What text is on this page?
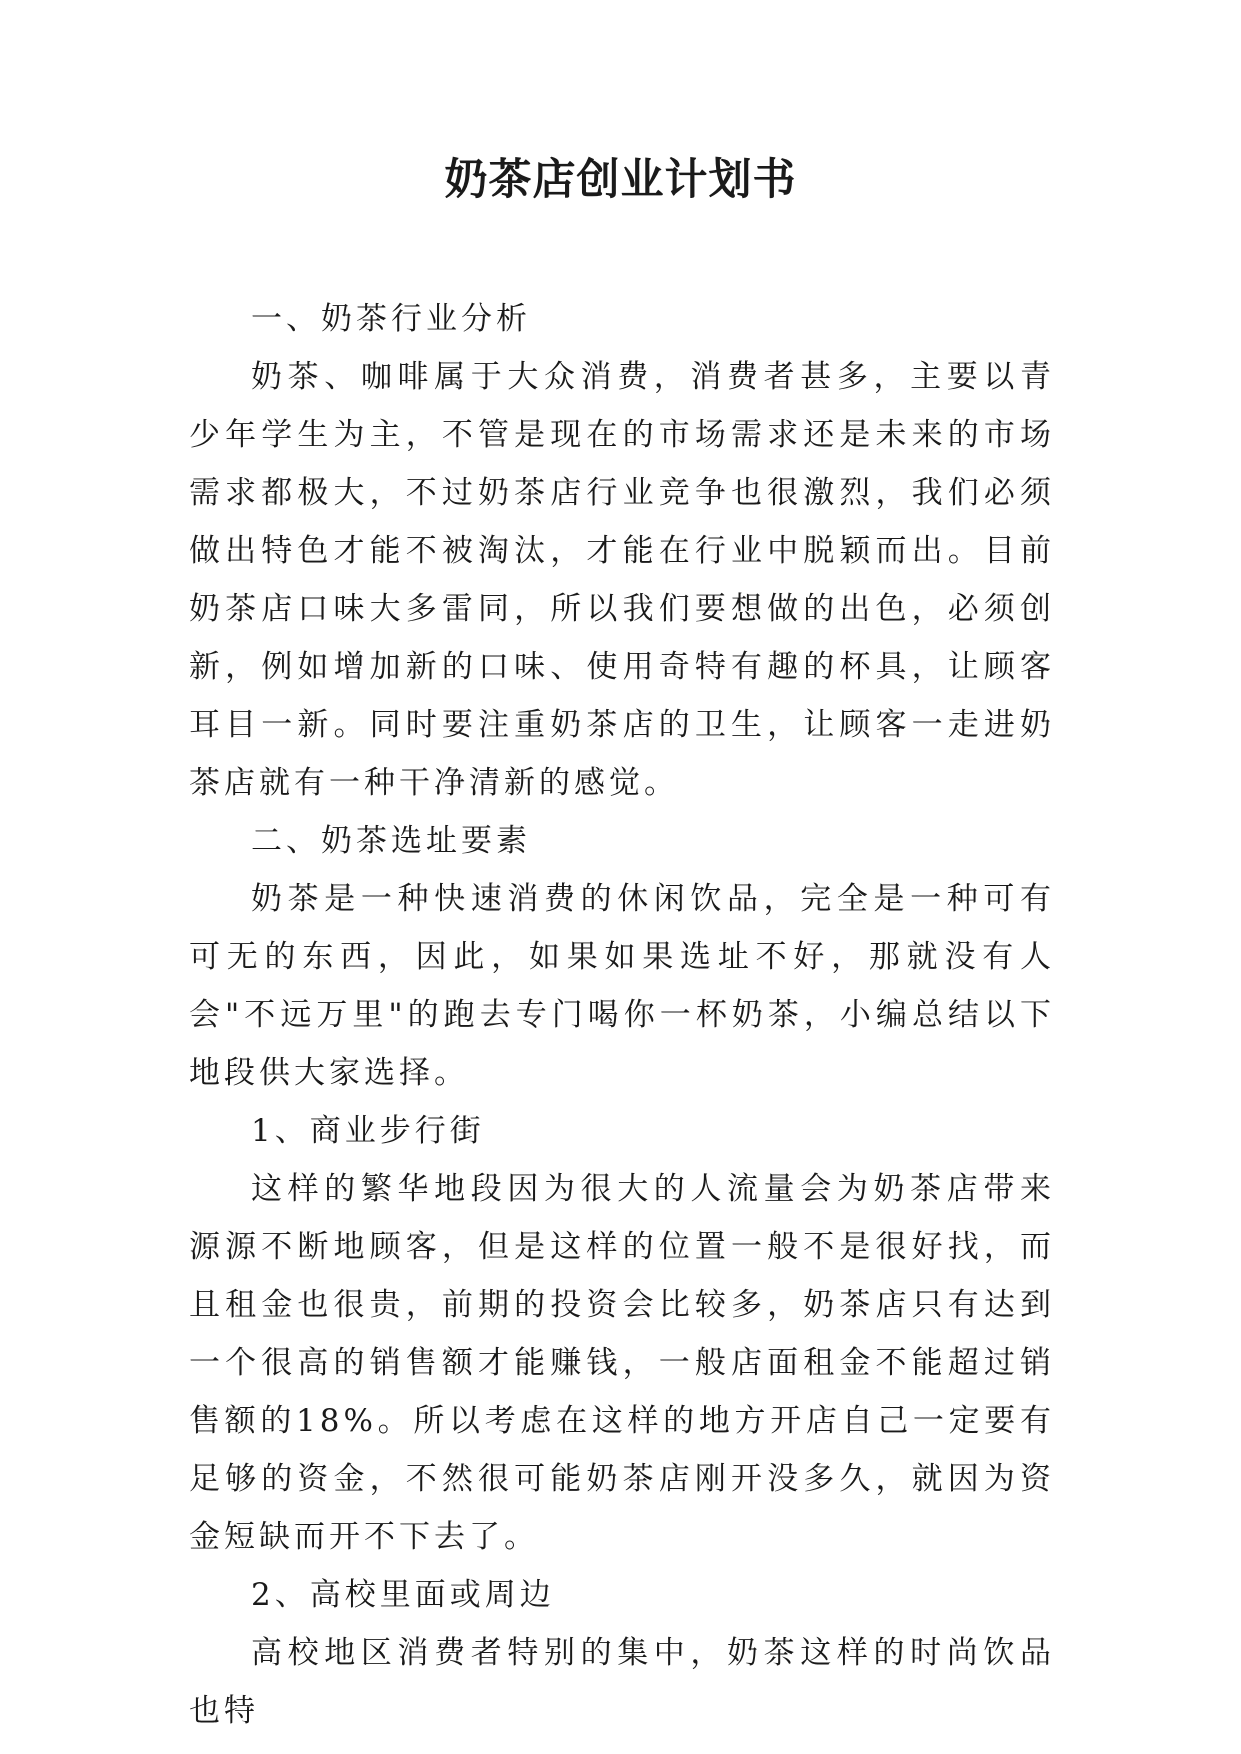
奶茶店创业计划书

一、奶茶行业分析

奶茶、咖啡属于大众消费，消费者甚多，主要以青少年学生为主，不管是现在的市场需求还是未来的市场需求都极大，不过奶茶店行业竞争也很激烈，我们必须做出特色才能不被淘汰，才能在行业中脱颖而出。目前奶茶店口味大多雷同，所以我们要想做的出色，必须创新，例如增加新的口味、使用奇特有趣的杯具，让顾客耳目一新。同时要注重奶茶店的卫生，让顾客一走进奶茶店就有一种干净清新的感觉。

二、奶茶选址要素

奶茶是一种快速消费的休闲饮品，完全是一种可有可无的东西，因此，如果如果选址不好，那就没有人会"不远万里"的跑去专门喝你一杯奶茶，小编总结以下地段供大家选择。

1、商业步行街

这样的繁华地段因为很大的人流量会为奶茶店带来源源不断地顾客，但是这样的位置一般不是很好找，而且租金也很贵，前期的投资会比较多，奶茶店只有达到一个很高的销售额才能赚钱，一般店面租金不能超过销售额的18%。所以考虑在这样的地方开店自己一定要有足够的资金，不然很可能奶茶店刚开没多久，就因为资金短缺而开不下去了。

2、高校里面或周边

高校地区消费者特别的集中，奶茶这样的时尚饮品也特
